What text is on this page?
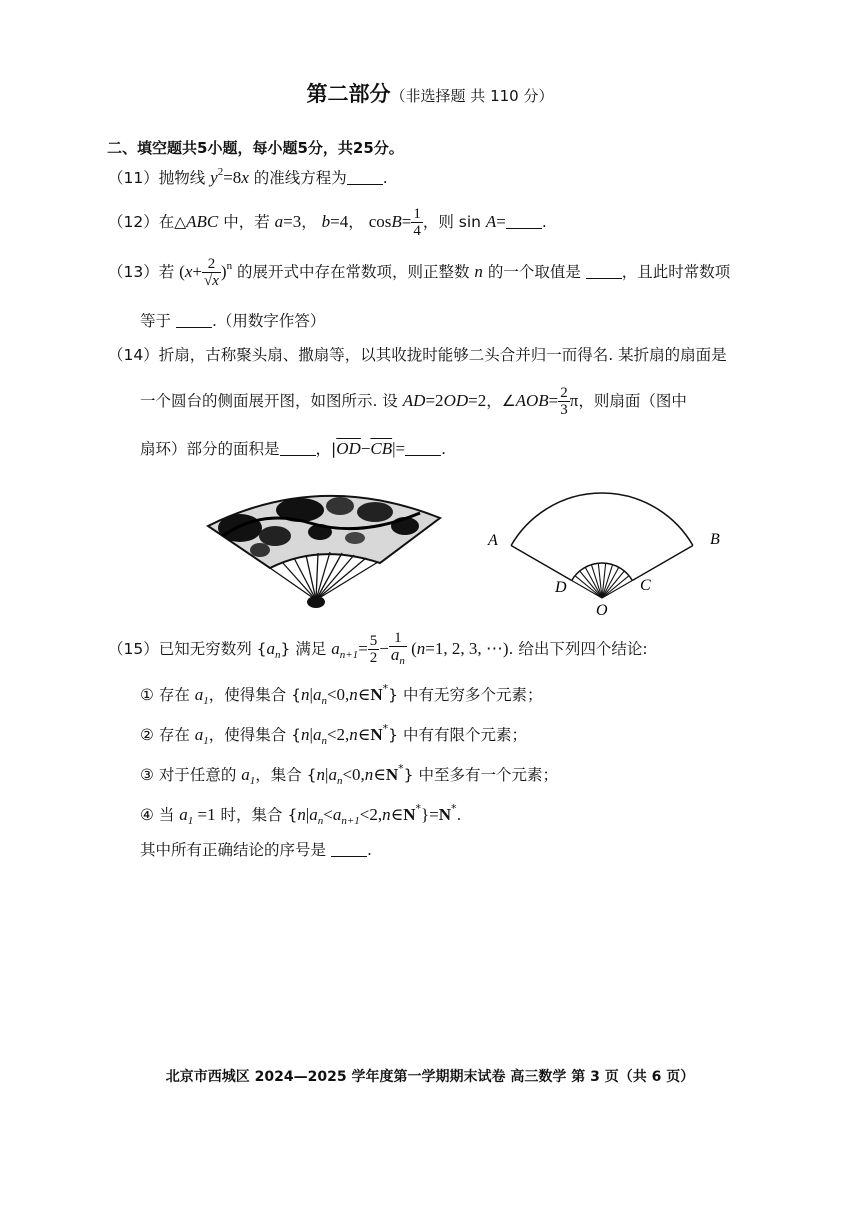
第二部分（非选择题 共 110 分）
二、填空题共5小题，每小题5分，共25分。
（11）抛物线 $y^2=8x$ 的准线方程为 .
（12）在△ABC 中，若 a=3， b=4， $\cos B= \frac{1}{4}$ ，则 sin A= .
（13）若 $(x+ \frac{2}{√x} )^n$ 的展开式中存在常数项，则正整数 n 的一个取值是 ，且此时常数项
等于 .（用数字作答）
（14）折扇，古称聚头扇、撒扇等，以其收拢时能够二头合并归一而得名. 某折扇的扇面是
一个圆台的侧面展开图，如图所示. 设 AD=2OD=2，∠AOB= $\frac{2}{3}$ π，则扇面（图中
扇环）部分的面积是 ，$|\overline{OD}-\overline{CB}|=$ .
A	B
C
D
O
（15）已知无穷数列 $\{a_n\}$ 满足 $a_{n+1}= \frac{5}{2} - \frac{1}{a_n} (n=1$, 2, 3, ⋯). 给出下列四个结论:
① 存在 $a_1$，使得集合 $\{n|a_n<0,n\in N^*\}$ 中有无穷多个元素；
② 存在 $a_1$，使得集合 $\{n|a_n<2,n\in N^*\}$ 中有有限个元素；
③ 对于任意的 $a_1$，集合 $\{n|a_n<0,n\in N^*\}$ 中至多有一个元素；
④ 当 $a_1 =1$ 时，集合 $\{n|a_n<a_{n+1}<2,n\in N^*\}=N^*$.
其中所有正确结论的序号是 .
北京市西城区 2024—2025 学年度第一学期期末试卷 高三数学 第 3 页（共 6 页）
